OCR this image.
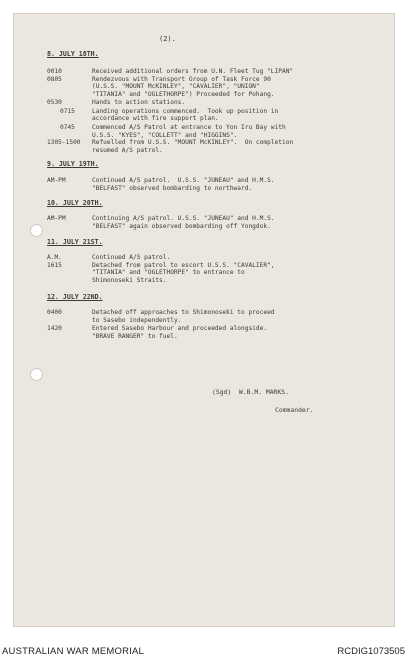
(2).
8. JULY 18TH.
0010	Received additional orders from U.N. Fleet Tug "LIPAN"
0805	Rendezvous with Transport Group of Task Force 90
(U.S.S. "MOUNT McKINLEY", "CAVALIER", "UNION"
"TITANIA" and "OGLETHORPE") Proceeded for Pohang.
0530	Hands to action stations.
0715	Landing operations commenced.  Took up position in
accordance with fire support plan.
0745	Commenced A/S Patrol at entrance to Yon Iru Bay with
U.S.S. "KYES", "COLLETT" and "HIGGINS".
1305-1500	Refuelled from U.S.S. "MOUNT McKINLEY".  On completion
resumed A/S patrol.
9. JULY 19TH.
AM-PM	Continued A/S patrol.  U.S.S. "JUNEAU" and H.M.S.
"BELFAST" observed bombarding to northward.
10. JULY 20TH.
AM-PM	Continuing A/S patrol. U.S.S. "JUNEAU" and H.M.S.
"BELFAST" again observed bombarding off Yongdok.
11. JULY 21ST.
A.M.	Continued A/S patrol.
1615	Detached from patrol to escort U.S.S. "CAVALIER",
"TITANIA" and "OGLETHORPE" to entrance to
Shimonoseki Straits.
12. JULY 22ND.
0400	Detached off approaches to Shimonoseki to proceed
to Sasebo independently.
1420	Entered Sasebo Harbour and proceeded alongside.
"BRAVE RANGER" to fuel.
(Sgd)  W.B.M. MARKS.
Commander.
AUSTRALIAN WAR MEMORIAL	RCDIG1073505
